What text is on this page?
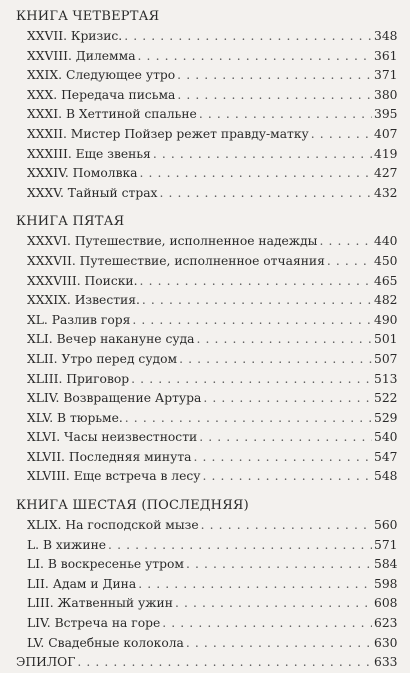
КНИГА ЧЕТВЕРТАЯ
XXVII. Кризис. . . .	348
XXVIII. Дилемма . . .	361
XXIX. Следующее утро . . .	371
XXX. Передача письма . . .	380
XXXI. В Хеттиной спальне . . .	395
XXXII. Мистер Пойзер режет правду-матку . . .	407
XXXIII. Еще звенья . . .	419
XXXIV. Помолвка . . .	427
XXXV. Тайный страх . . .	432
КНИГА ПЯТАЯ
XXXVI. Путешествие, исполненное надежды . . .	440
XXXVII. Путешествие, исполненное отчаяния . . .	450
XXXVIII. Поиски. . . .	465
XXXIX. Известия. . . .	482
XL. Разлив горя . . .	490
XLI. Вечер накануне суда . . .	501
XLII. Утро перед судом . . .	507
XLIII. Приговор . . .	513
XLIV. Возвращение Артура . . .	522
XLV. В тюрьме. . . .	529
XLVI. Часы неизвестности . . .	540
XLVII. Последняя минута . . .	547
XLVIII. Еще встреча в лесу . . .	548
КНИГА ШЕСТАЯ (ПОСЛЕДНЯЯ)
XLIX. На господской мызе . . .	560
L. В хижине . . .	571
LI. В воскресенье утром . . .	584
LII. Адам и Дина . . .	598
LIII. Жатвенный ужин . . .	608
LIV. Встреча на горе . . .	623
LV. Свадебные колокола . . .	630
ЭПИЛОГ . . .	633
